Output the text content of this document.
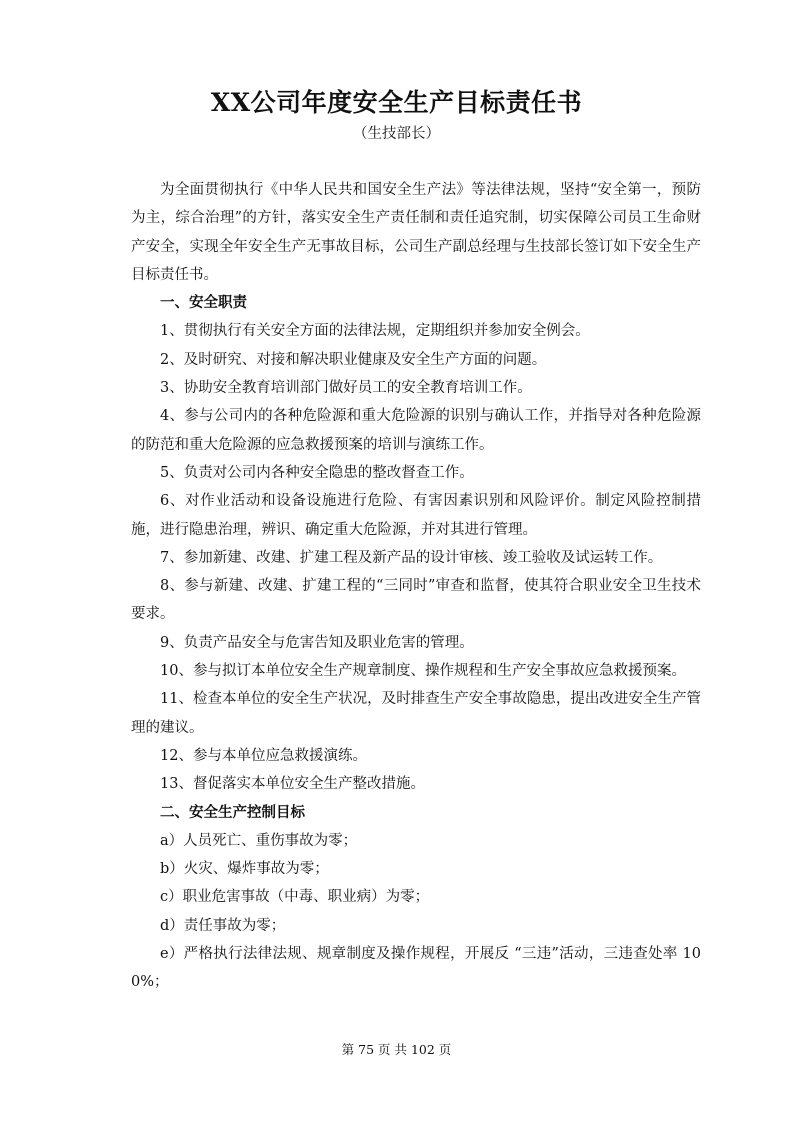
XX公司年度安全生产目标责任书
（生技部长）

为全面贯彻执行《中华人民共和国安全生产法》等法律法规，坚持“安全第一，预防为主，综合治理”的方针，落实安全生产责任制和责任追究制，切实保障公司员工生命财产安全，实现全年安全生产无事故目标，公司生产副总经理与生技部长签订如下安全生产目标责任书。

一、安全职责

1、贯彻执行有关安全方面的法律法规，定期组织并参加安全例会。

2、及时研究、对接和解决职业健康及安全生产方面的问题。

3、协助安全教育培训部门做好员工的安全教育培训工作。

4、参与公司内的各种危险源和重大危险源的识别与确认工作，并指导对各种危险源的防范和重大危险源的应急救援预案的培训与演练工作。

5、负责对公司内各种安全隐患的整改督查工作。

6、对作业活动和设备设施进行危险、有害因素识别和风险评价。制定风险控制措施，进行隐患治理，辨识、确定重大危险源，并对其进行管理。

7、参加新建、改建、扩建工程及新产品的设计审核、竣工验收及试运转工作。

8、参与新建、改建、扩建工程的“三同时”审查和监督，使其符合职业安全卫生技术要求。

9、负责产品安全与危害告知及职业危害的管理。

10、参与拟订本单位安全生产规章制度、操作规程和生产安全事故应急救援预案。

11、检查本单位的安全生产状况，及时排查生产安全事故隐患，提出改进安全生产管理的建议。

12、参与本单位应急救援演练。

13、督促落实本单位安全生产整改措施。

二、安全生产控制目标

a）人员死亡、重伤事故为零；

b）火灾、爆炸事故为零；

c）职业危害事故（中毒、职业病）为零；

d）责任事故为零；

e）严格执行法律法规、规章制度及操作规程，开展反 “三违”活动，三违查处率 100%；

第 75 页 共 102 页
